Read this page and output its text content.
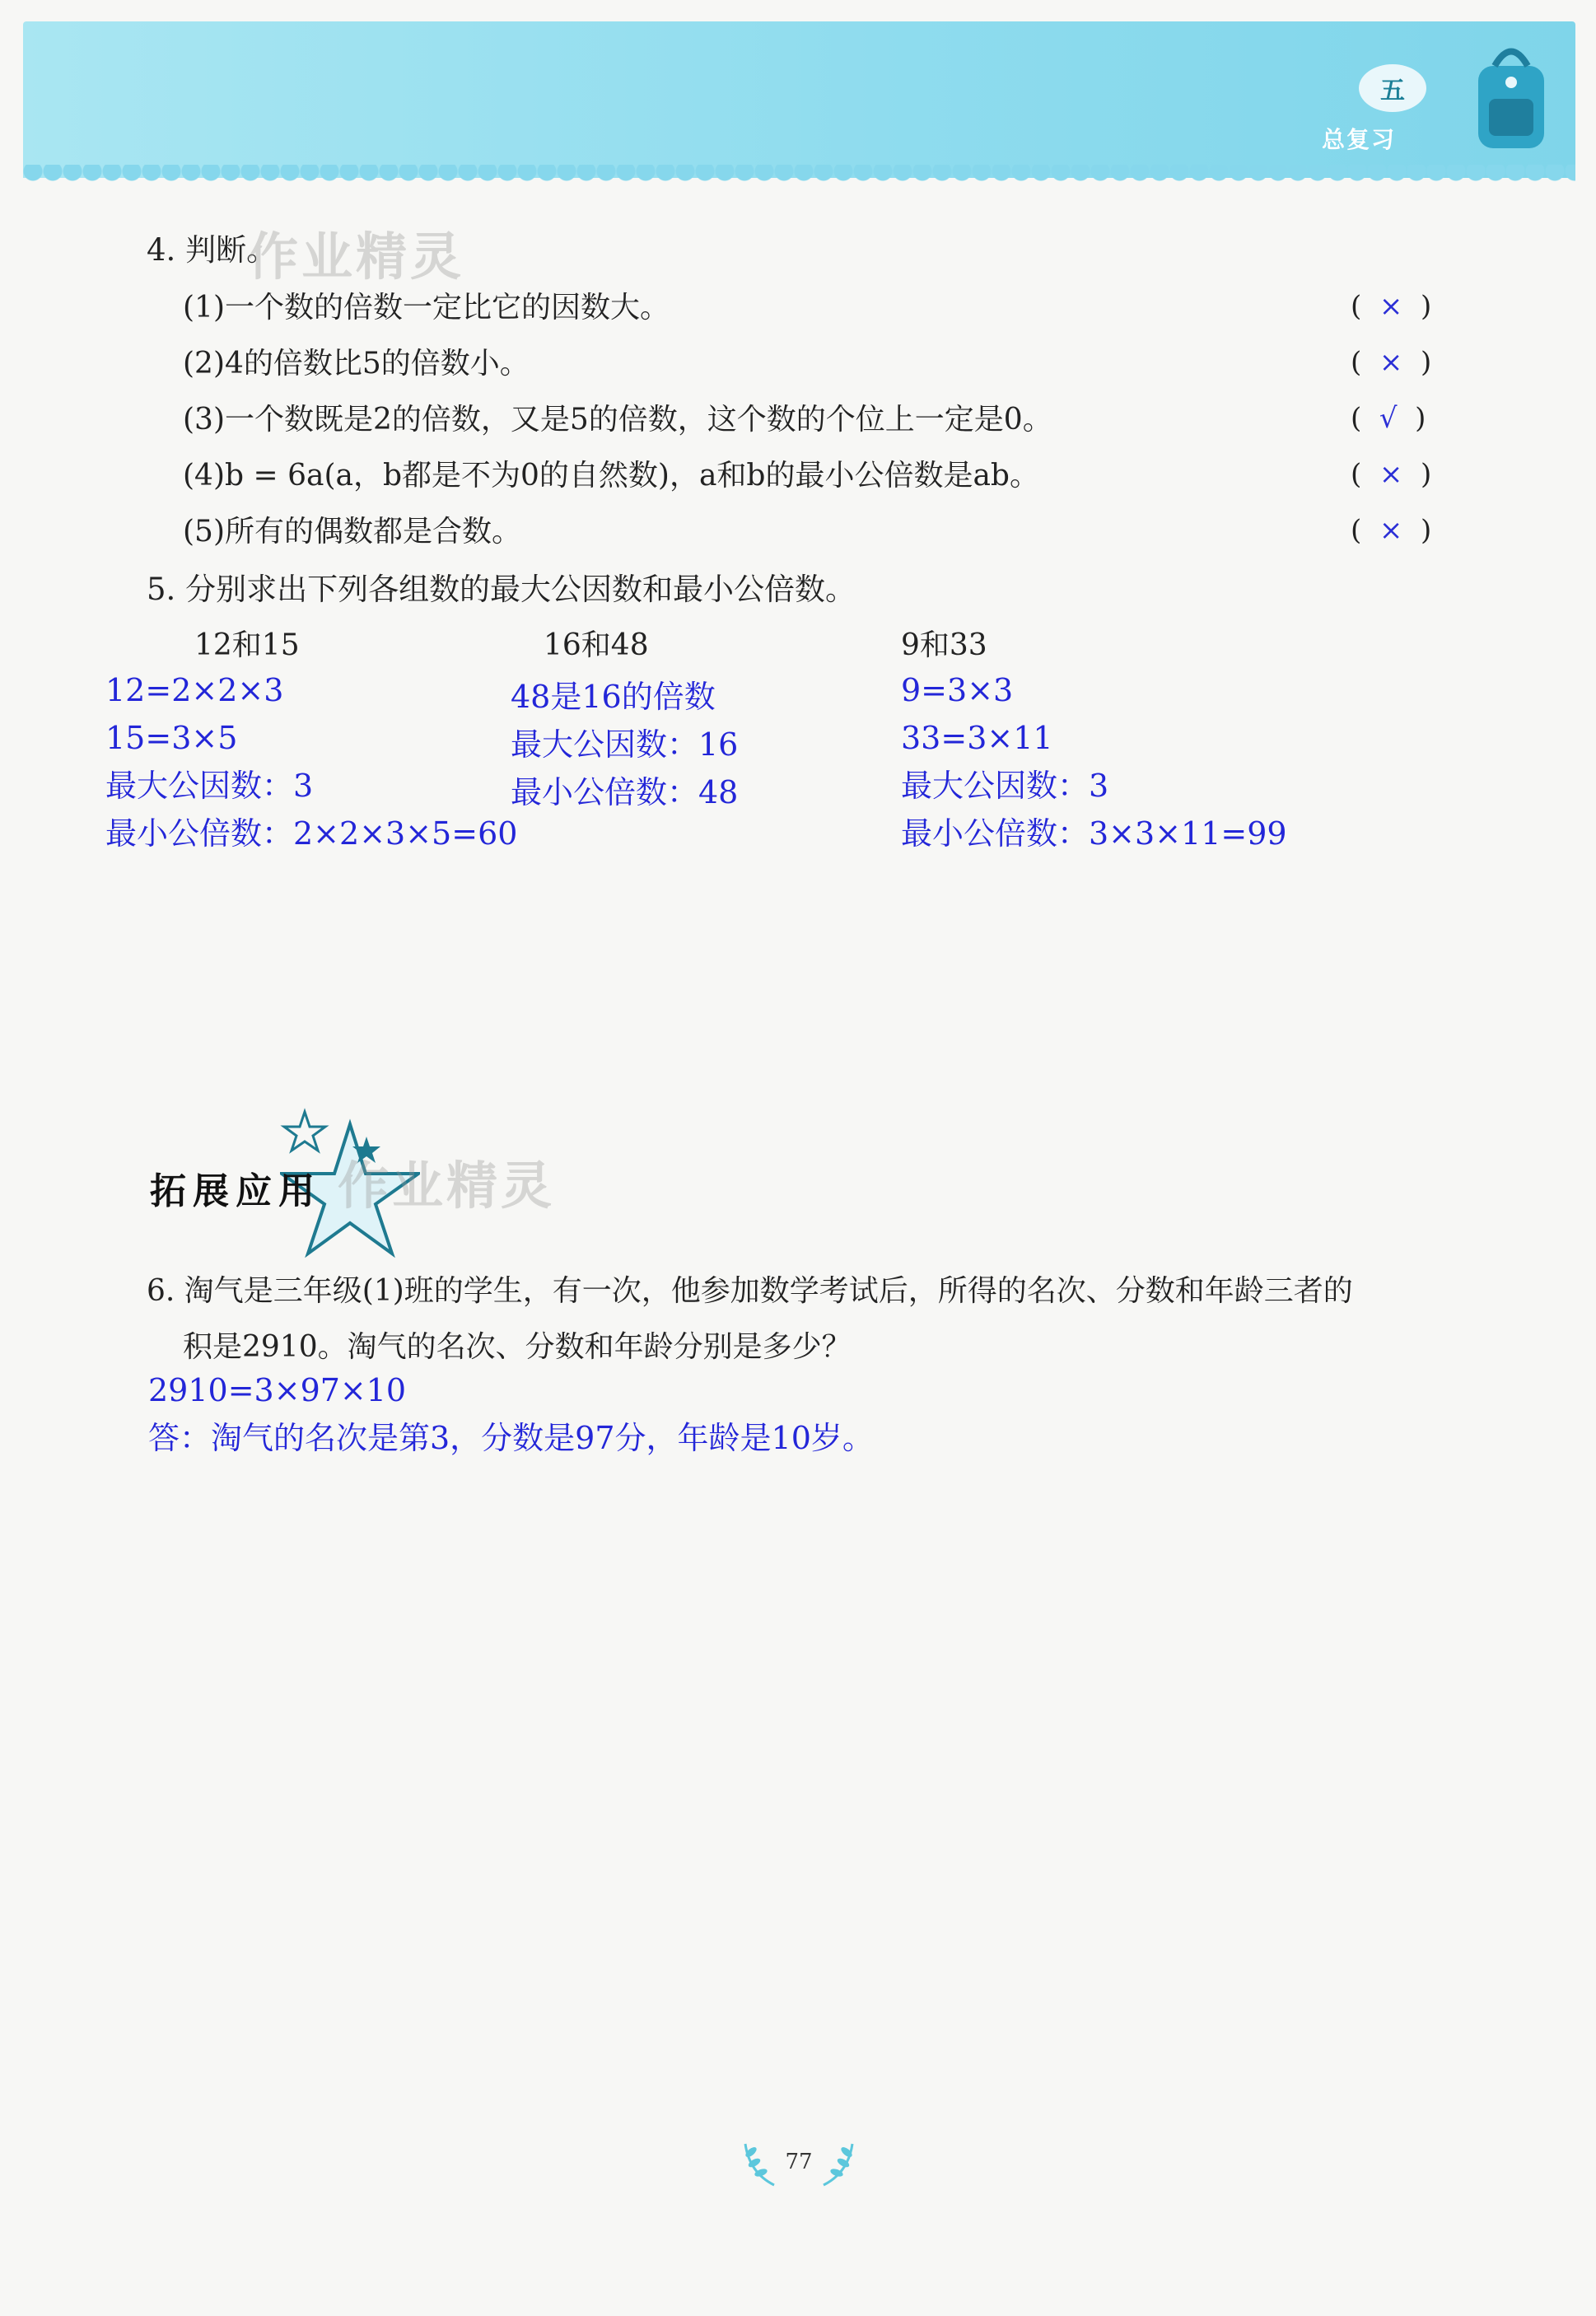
五
总复习
4. 判断。
作业精灵
(1)一个数的倍数一定比它的因数大。	(  ×  )
(2)4的倍数比5的倍数小。	(  ×  )
(3)一个数既是2的倍数，又是5的倍数，这个数的个位上一定是0。	(  √  )
(4)b = 6a(a，b都是不为0的自然数)，a和b的最小公倍数是ab。	(  ×  )
(5)所有的偶数都是合数。	(  ×  )
5. 分别求出下列各组数的最大公因数和最小公倍数。
12和15	16和48	9和33
12=2×2×3
15=3×5
最大公因数：3
最小公倍数：2×2×3×5=60
48是16的倍数
最大公因数：16
最小公倍数：48
9=3×3
33=3×11
最大公因数：3
最小公倍数：3×3×11=99
拓展应用 作业精灵
6. 淘气是三年级(1)班的学生，有一次，他参加数学考试后，所得的名次、分数和年龄三者的
积是2910。淘气的名次、分数和年龄分别是多少？
2910=3×97×10
答：淘气的名次是第3，分数是97分，年龄是10岁。
77
